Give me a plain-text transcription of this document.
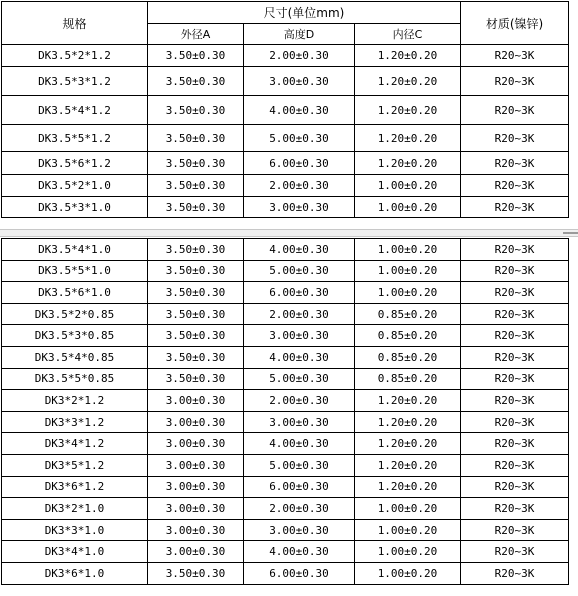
规格	尺寸(单位mm)			材质(镍锌)
	外径A	高度D	内径C	
DK3.5*2*1.2	3.50±0.30	2.00±0.30	1.20±0.20	R20~3K
DK3.5*3*1.2	3.50±0.30	3.00±0.30	1.20±0.20	R20~3K
DK3.5*4*1.2	3.50±0.30	4.00±0.30	1.20±0.20	R20~3K
DK3.5*5*1.2	3.50±0.30	5.00±0.30	1.20±0.20	R20~3K
DK3.5*6*1.2	3.50±0.30	6.00±0.30	1.20±0.20	R20~3K
DK3.5*2*1.0	3.50±0.30	2.00±0.30	1.00±0.20	R20~3K
DK3.5*3*1.0	3.50±0.30	3.00±0.30	1.00±0.20	R20~3K
DK3.5*4*1.0	3.50±0.30	4.00±0.30	1.00±0.20	R20~3K
DK3.5*5*1.0	3.50±0.30	5.00±0.30	1.00±0.20	R20~3K
DK3.5*6*1.0	3.50±0.30	6.00±0.30	1.00±0.20	R20~3K
DK3.5*2*0.85	3.50±0.30	2.00±0.30	0.85±0.20	R20~3K
DK3.5*3*0.85	3.50±0.30	3.00±0.30	0.85±0.20	R20~3K
DK3.5*4*0.85	3.50±0.30	4.00±0.30	0.85±0.20	R20~3K
DK3.5*5*0.85	3.50±0.30	5.00±0.30	0.85±0.20	R20~3K
DK3*2*1.2	3.00±0.30	2.00±0.30	1.20±0.20	R20~3K
DK3*3*1.2	3.00±0.30	3.00±0.30	1.20±0.20	R20~3K
DK3*4*1.2	3.00±0.30	4.00±0.30	1.20±0.20	R20~3K
DK3*5*1.2	3.00±0.30	5.00±0.30	1.20±0.20	R20~3K
DK3*6*1.2	3.00±0.30	6.00±0.30	1.20±0.20	R20~3K
DK3*2*1.0	3.00±0.30	2.00±0.30	1.00±0.20	R20~3K
DK3*3*1.0	3.00±0.30	3.00±0.30	1.00±0.20	R20~3K
DK3*4*1.0	3.00±0.30	4.00±0.30	1.00±0.20	R20~3K
DK3*6*1.0	3.50±0.30	6.00±0.30	1.00±0.20	R20~3K
